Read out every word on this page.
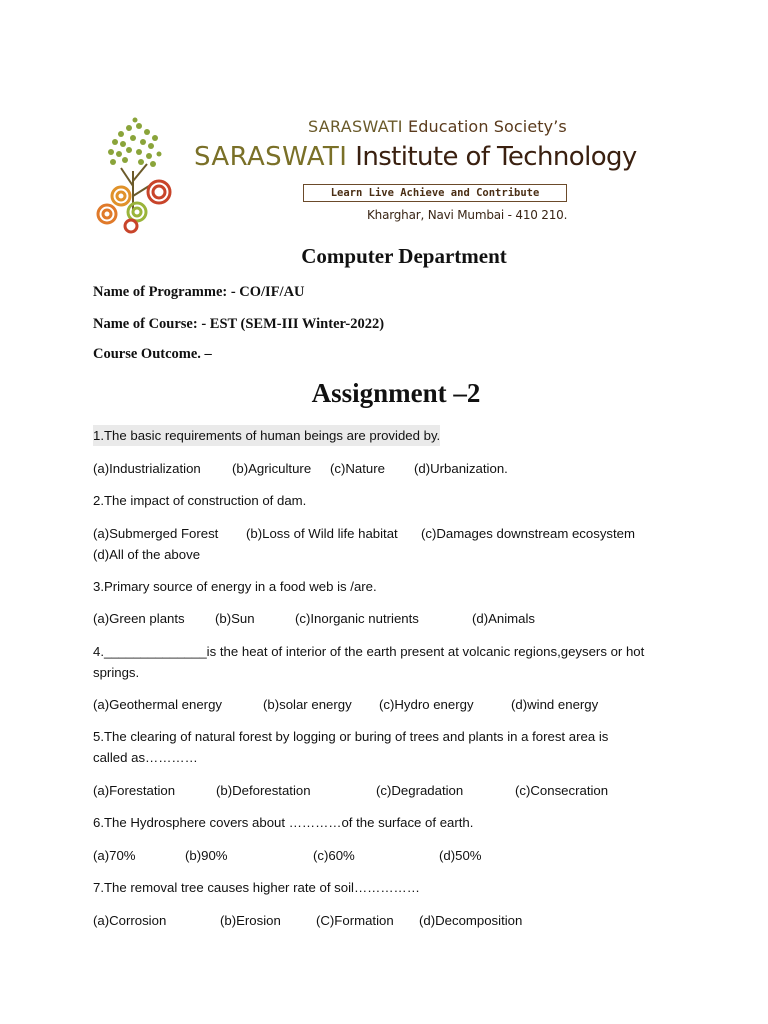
SARASWATI Education Society’s
SARASWATI Institute of Technology
Learn Live Achieve and Contribute
Kharghar, Navi Mumbai - 410 210.
Computer Department
Name of Programme: - CO/IF/AU
Name of Course: - EST (SEM-III Winter-2022)
Course Outcome. –
Assignment –2
1.The basic requirements of human beings are provided by.
(a)Industrialization (b)Agriculture (c)Nature (d)Urbanization.
2.The impact of construction of dam.
(a)Submerged Forest (b)Loss of Wild life habitat (c)Damages downstream ecosystem
(d)All of the above
3.Primary source of energy in a food web is /are.
(a)Green plants (b)Sun	(c)Inorganic nutrients	(d)Animals
4.______________is the heat of interior of the earth present at volcanic regions,geysers or hot
springs.
(a)Geothermal energy	(b)solar energy (c)Hydro energy	(d)wind energy
5.The clearing of natural forest by logging or buring of trees and plants in a forest area is
called as…………
(a)Forestation	(b)Deforestation	(c)Degradation	(c)Consecration
6.The Hydrosphere covers about …………of the surface of earth.
(a)70%	(b)90%	(c)60%	(d)50%
7.The removal tree causes higher rate of soil……………
(a)Corrosion	(b)Erosion	(C)Formation (d)Decomposition
